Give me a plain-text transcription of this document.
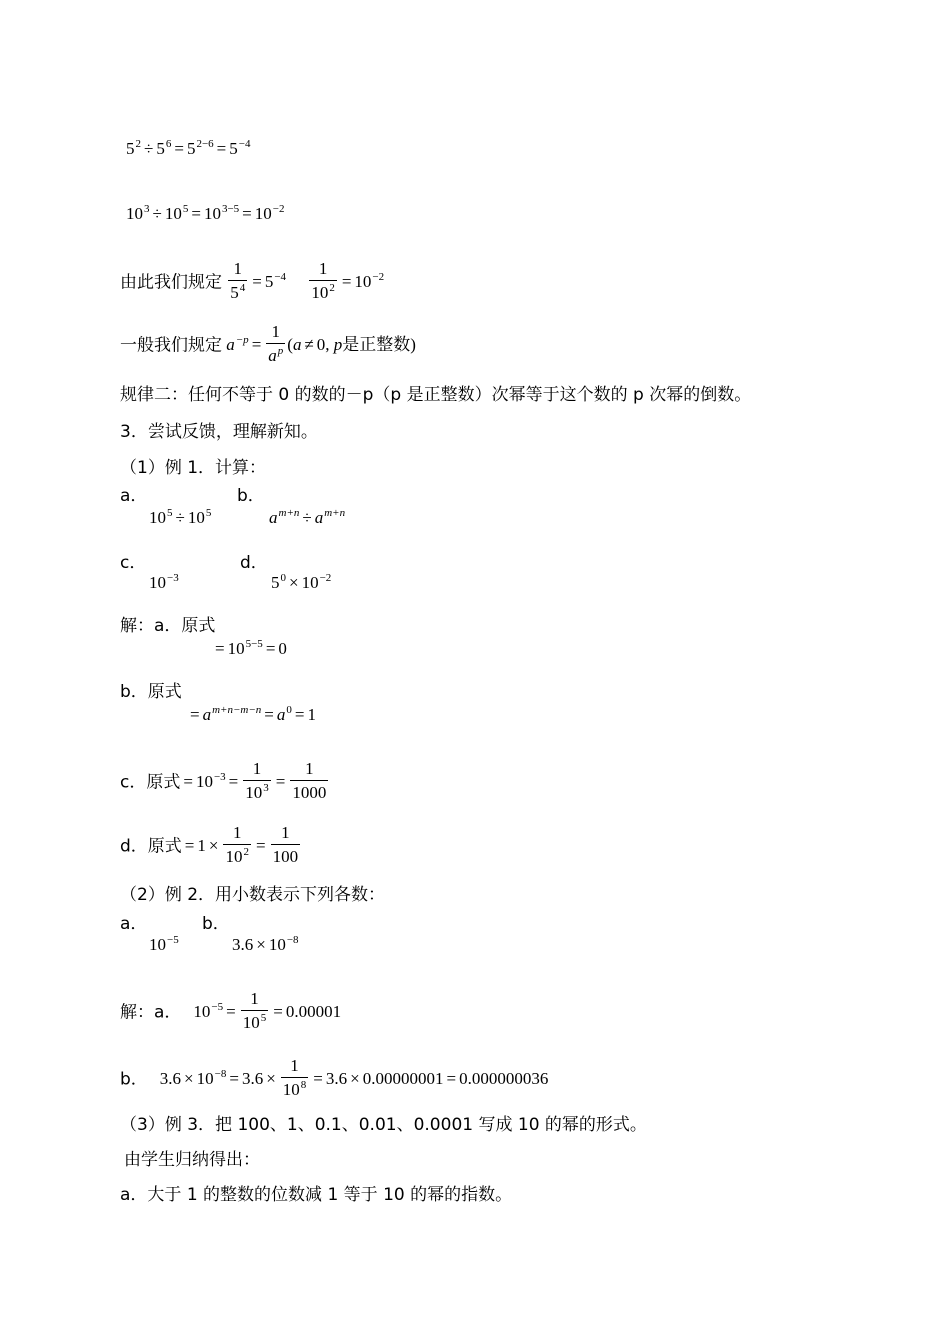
$5^2 \div 5^6 = 5^{2-6} = 5^{-4}$
$10^3 \div 10^5 = 10^{3-5} = 10^{-2}$
由此我们规定 $\frac{1}{5^4} = 5^{-4} \frac{1}{10^2} = 10^{-2}$
一般我们规定 $a^{-p} = \frac{1}{a^p} (a \ne 0$, p是正整数)
规律二：任何不等于 0 的数的－p（p 是正整数）次幂等于这个数的 p 次幂的倒数。
3．尝试反馈，理解新知。
（1）例 1．计算：
a．	b．
$10^5 \div 10^5$	$a^{m+n} \div a^{m+n}$
c．	d．
$10^{-3}$	$5^0 \times 10^{-2}$
解：a．原式
= $10^{5-5} = 0$
b．原式
= $a^{m+n-m-n} = a^0 = 1$
c．原式 = $10^{-3} = \frac{1}{10^3} = \frac{1}{1000}$
d．原式 = $1 \times \frac{1}{10^2} = \frac{1}{100}$
（2）例 2．用小数表示下列各数：
a．	b．
$10^{-5}$	$3.6 \times 10^{-8}$
解：a． $10^{-5} = \frac{1}{10^5} = 0.00001$
b． $3.6 \times 10^{-8} = 3.6 \times \frac{1}{10^8} = 3.6 \times 0.00000001 = 0.000000036$
（3）例 3．把 100、1、0.1、0.01、0.0001 写成 10 的幂的形式。
由学生归纳得出：
a．大于 1 的整数的位数减 1 等于 10 的幂的指数。
